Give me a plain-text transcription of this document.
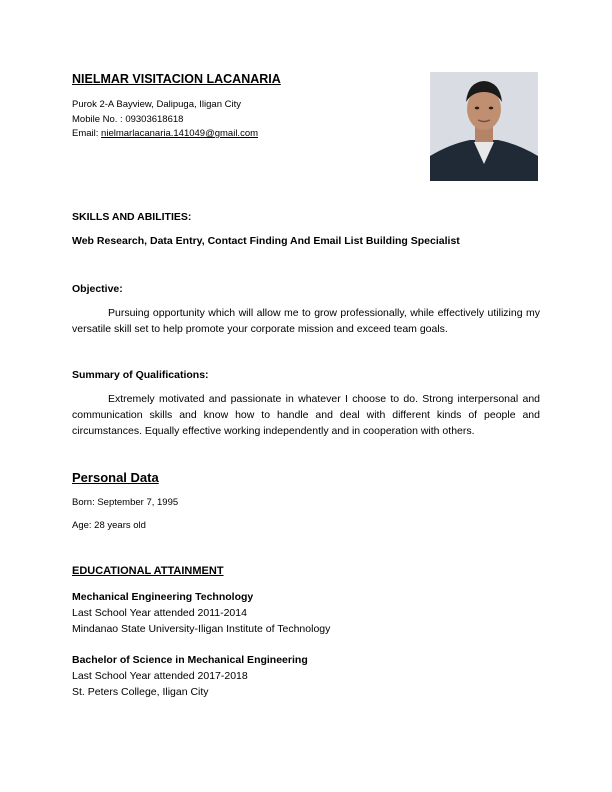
NIELMAR VISITACION LACANARIA
Purok 2-A Bayview, Dalipuga, Iligan City
Mobile No. : 09303618618
Email: nielmarlacanaria.141049@gmail.com
SKILLS AND ABILITIES:
Web Research, Data Entry, Contact Finding And Email List Building Specialist
Objective:
Pursuing opportunity which will allow me to grow professionally, while effectively utilizing my versatile skill set to help promote your corporate mission and exceed team goals.
Summary of Qualifications:
Extremely motivated and passionate in whatever I choose to do. Strong interpersonal and communication skills and know how to handle and deal with different kinds of people and circumstances. Equally effective working independently and in cooperation with others.
Personal Data
Born: September 7, 1995
Age: 28 years old
EDUCATIONAL ATTAINMENT
Mechanical Engineering Technology
Last School Year attended 2011-2014
Mindanao State University-Iligan Institute of Technology
Bachelor of Science in Mechanical Engineering
Last School Year attended 2017-2018
St. Peters College, Iligan City
